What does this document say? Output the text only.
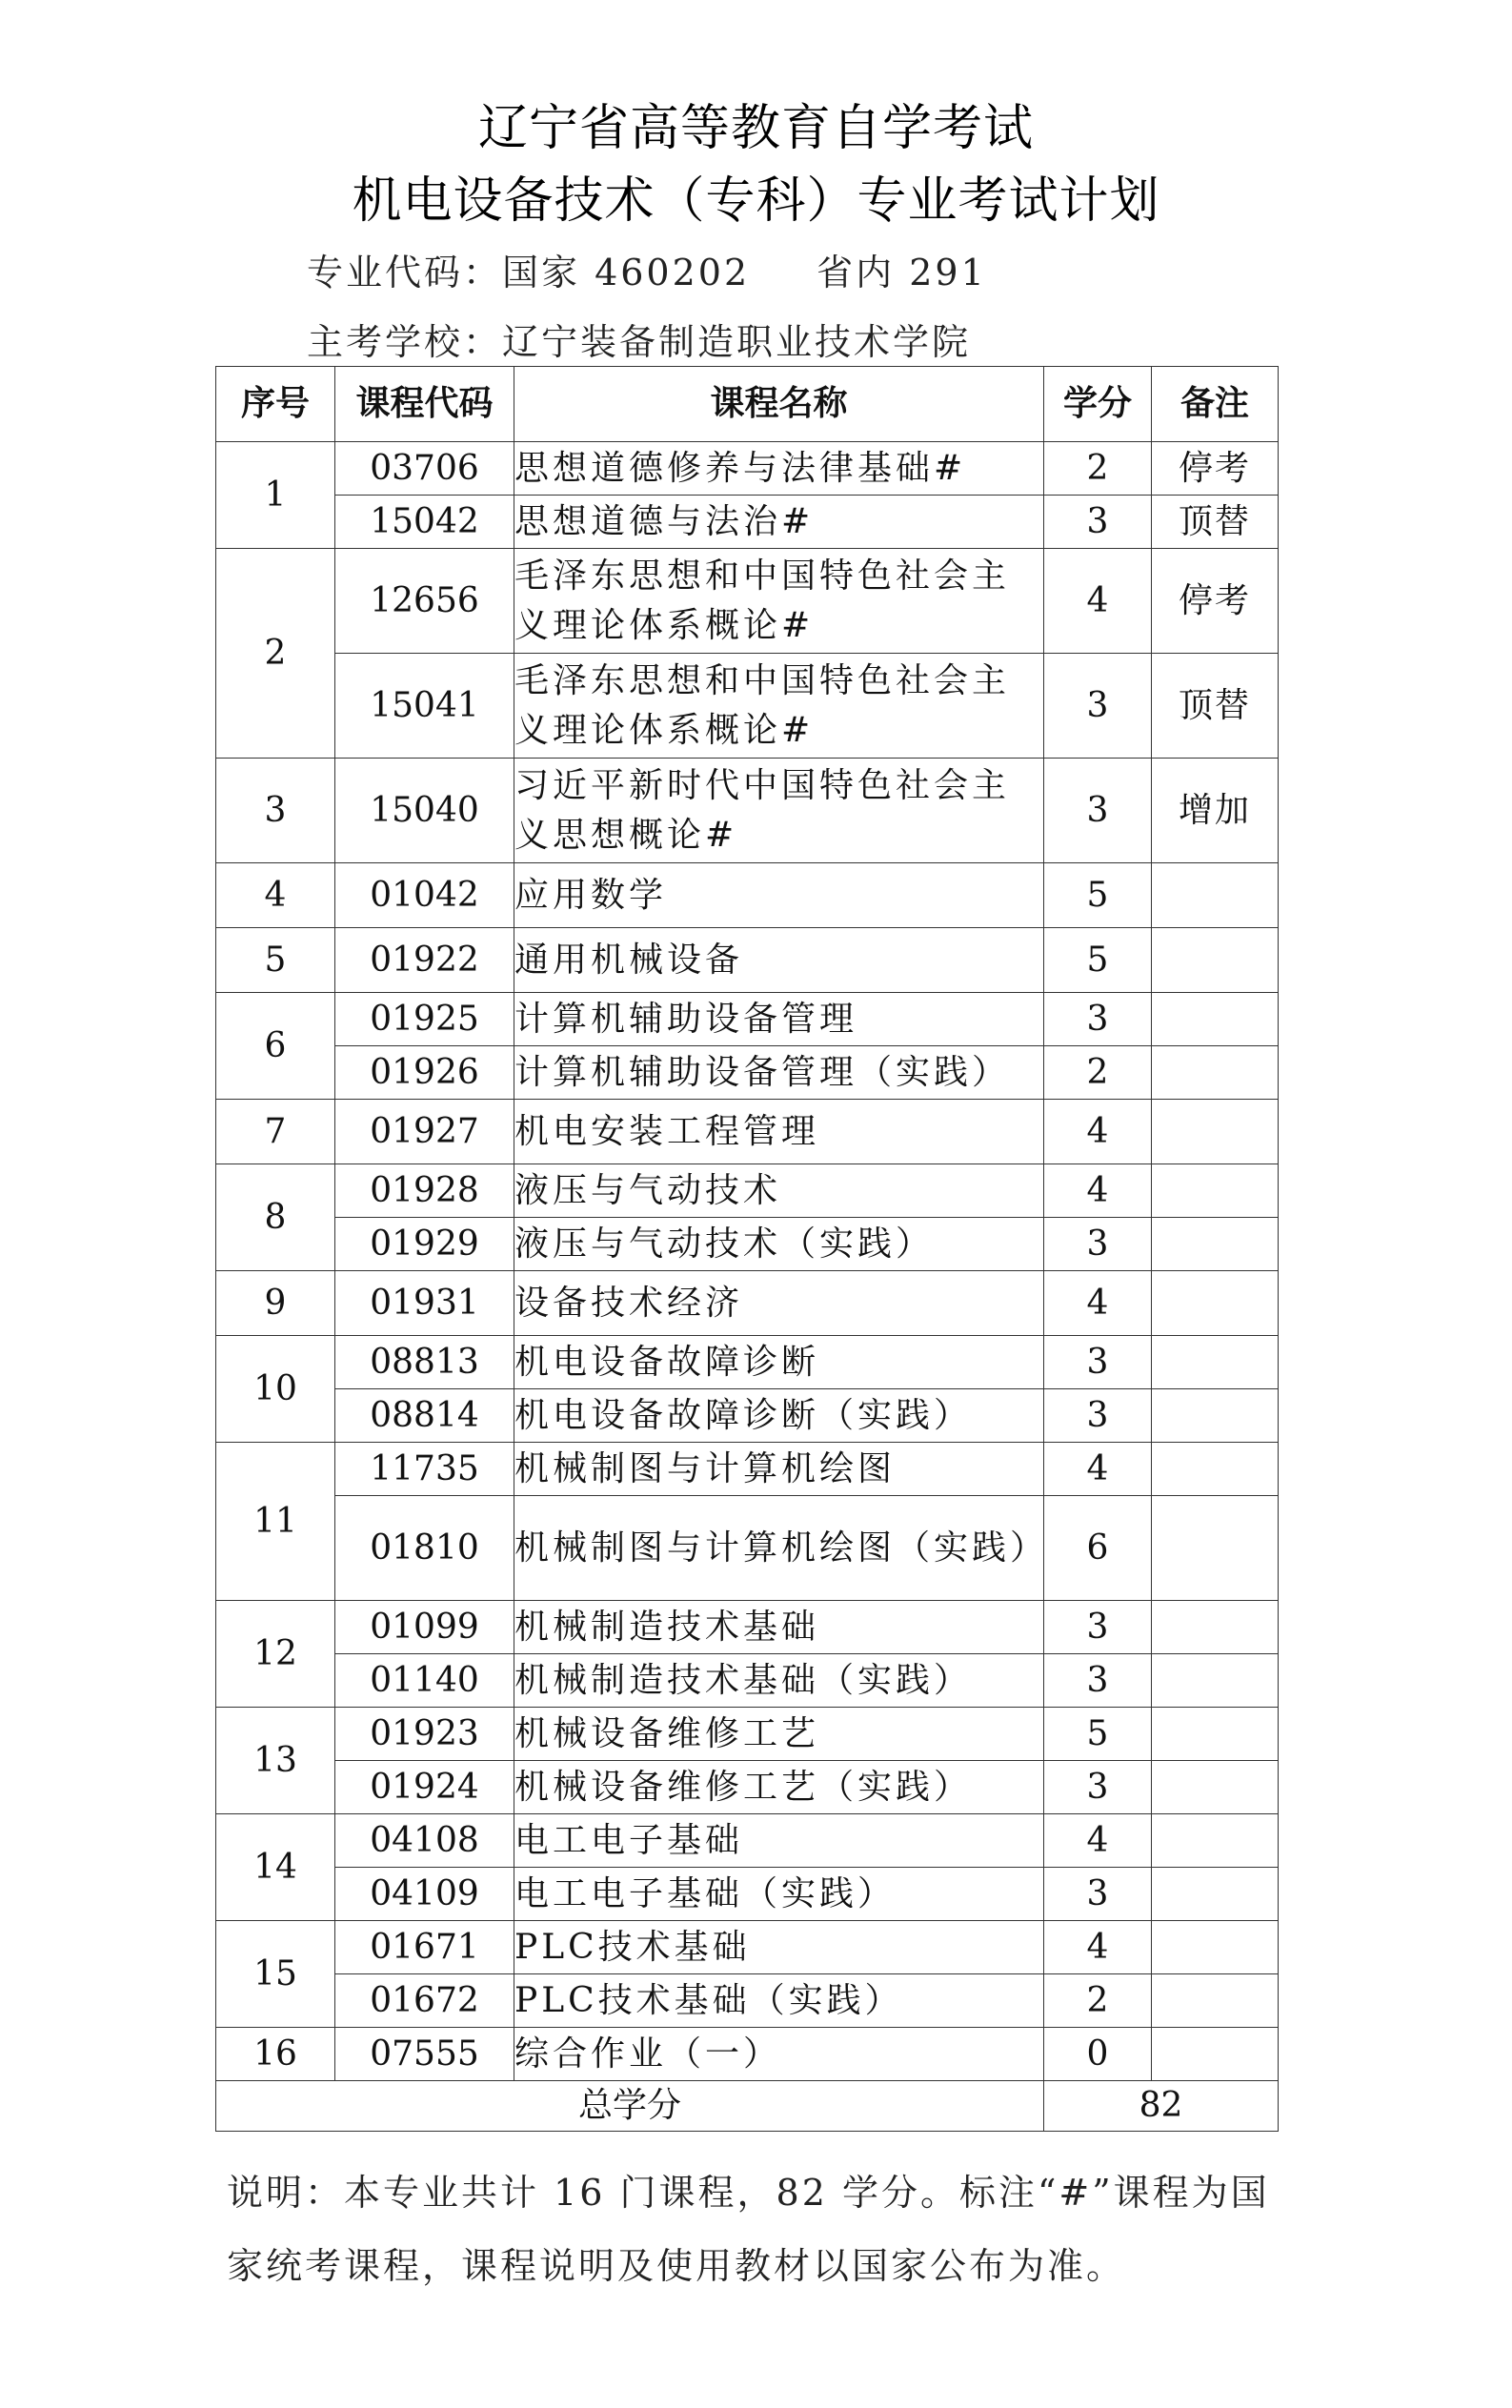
辽宁省高等教育自学考试
机电设备技术（专科）专业考试计划
专业代码：国家 460202 省内 291
主考学校：辽宁装备制造职业技术学院
序号	课程代码	课程名称	学分	备注
1	03706	思想道德修养与法律基础#	2	停考
	15042	思想道德与法治#	3	顶替
2	12656	毛泽东思想和中国特色社会主义理论体系概论#	4	停考
	15041	毛泽东思想和中国特色社会主义理论体系概论#	3	顶替
3	15040	习近平新时代中国特色社会主义思想概论#	3	增加
4	01042	应用数学	5	
5	01922	通用机械设备	5	
6	01925	计算机辅助设备管理	3	
	01926	计算机辅助设备管理（实践）	2	
7	01927	机电安装工程管理	4	
8	01928	液压与气动技术	4	
	01929	液压与气动技术（实践）	3	
9	01931	设备技术经济	4	
10	08813	机电设备故障诊断	3	
	08814	机电设备故障诊断（实践）	3	
11	11735	机械制图与计算机绘图	4	
	01810	机械制图与计算机绘图（实践）	6	
12	01099	机械制造技术基础	3	
	01140	机械制造技术基础（实践）	3	
13	01923	机械设备维修工艺	5	
	01924	机械设备维修工艺（实践）	3	
14	04108	电工电子基础	4	
	04109	电工电子基础（实践）	3	
15	01671	PLC技术基础	4	
	01672	PLC技术基础（实践）	2	
16	07555	综合作业（一）	0	
总学分			82	
说明：本专业共计 16 门课程，82 学分。标注“#”课程为国
家统考课程，课程说明及使用教材以国家公布为准。
